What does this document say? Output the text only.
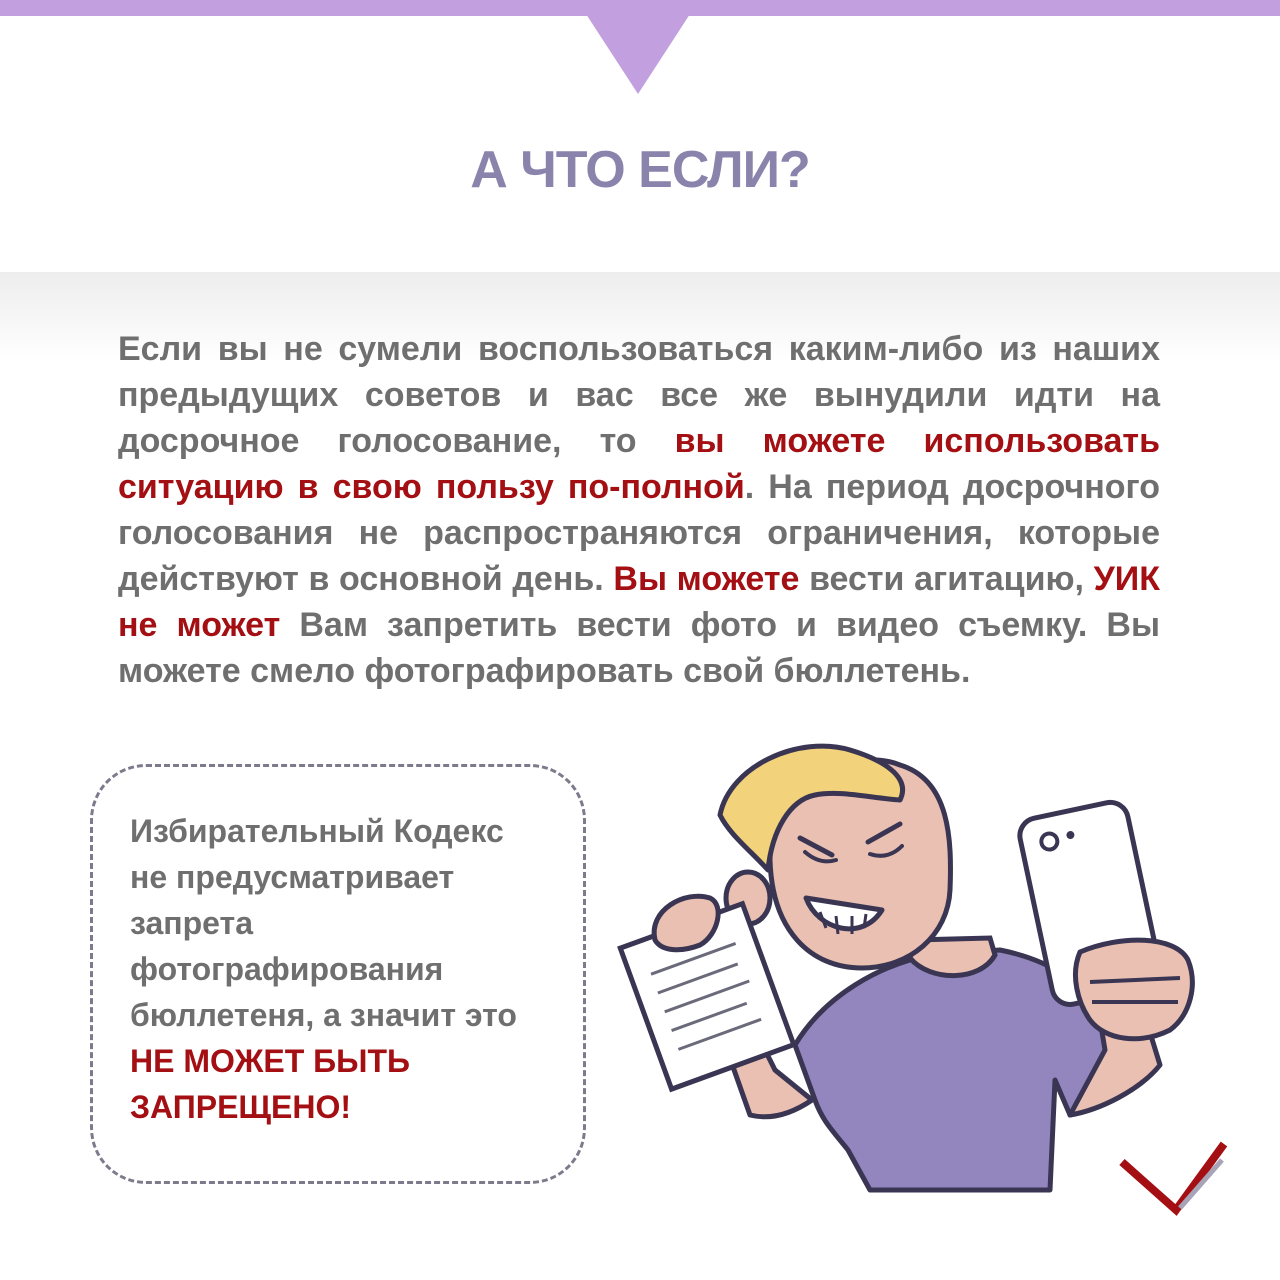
А ЧТО ЕСЛИ?

Если вы не сумели воспользоваться каким-либо из наших предыдущих советов и вас все же вынудили идти на досрочное голосование, то вы можете использовать ситуацию в свою пользу по-полной. На период досрочного голосования не распространяются ограничения, которые действуют в основной день. Вы можете вести агитацию, УИК не может Вам запретить вести фото и видео съемку. Вы можете смело фотографировать свой бюллетень.

Избирательный Кодекс
не предусматривает
запрета
фотографирования
бюллетеня, а значит это
НЕ МОЖЕТ БЫТЬ
ЗАПРЕЩЕНО!
